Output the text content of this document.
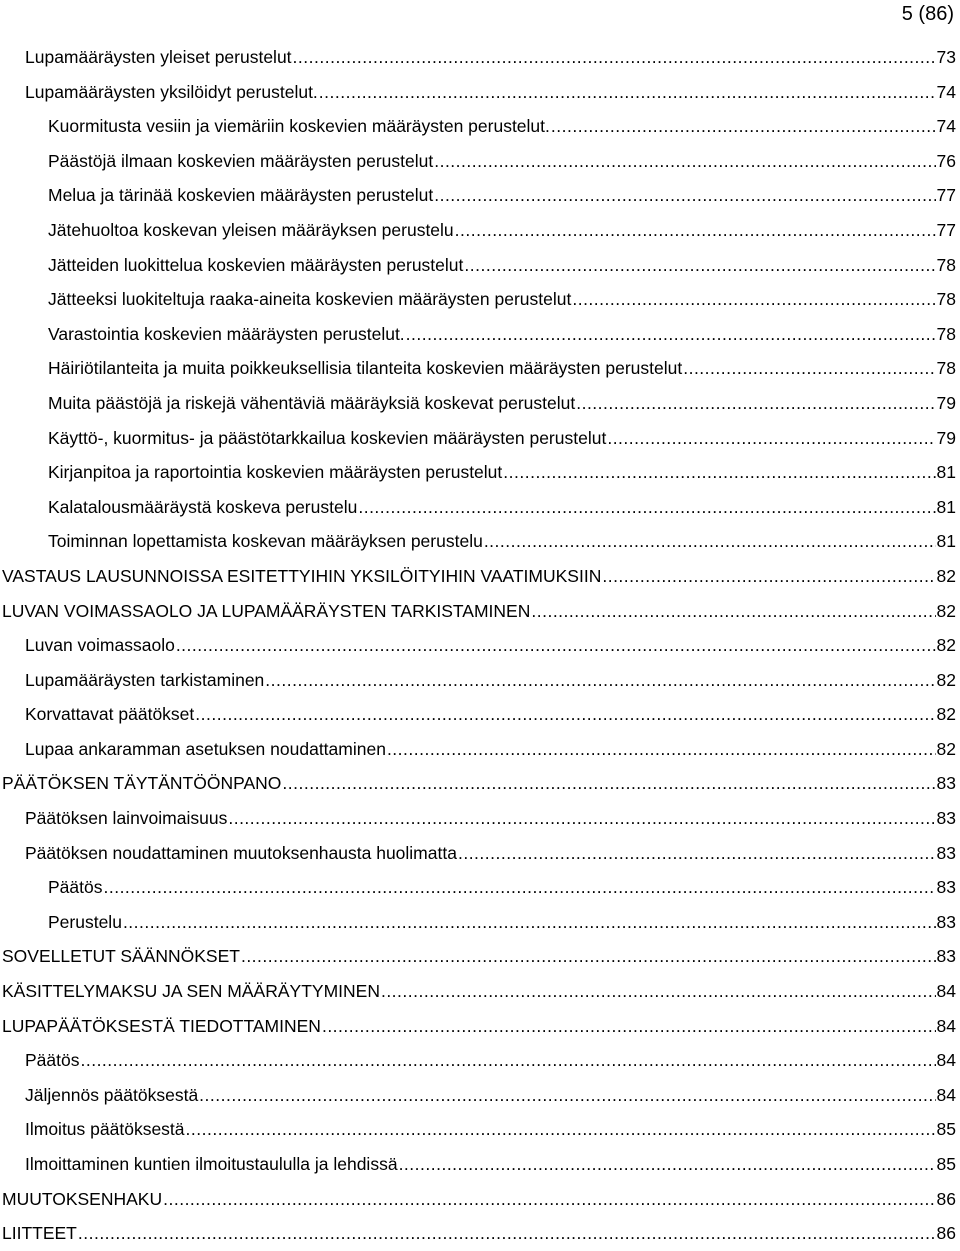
5 (86)
Lupamääräysten yleiset perustelut .....	73
Lupamääräysten yksilöidyt perustelut. .....	74
Kuormitusta vesiin ja viemäriin koskevien määräysten perustelut. .....	74
Päästöjä ilmaan koskevien määräysten perustelut .....	76
Melua ja tärinää koskevien määräysten perustelut .....	77
Jätehuoltoa koskevan yleisen määräyksen perustelu .....	77
Jätteiden luokittelua koskevien määräysten perustelut .....	78
Jätteeksi luokiteltuja raaka-aineita koskevien määräysten perustelut .....	78
Varastointia koskevien määräysten perustelut. .....	78
Häiriötilanteita ja muita poikkeuksellisia tilanteita koskevien määräysten perustelut .....	78
Muita päästöjä ja riskejä vähentäviä määräyksiä koskevat perustelut .....	79
Käyttö-, kuormitus- ja päästötarkkailua koskevien määräysten perustelut .....	79
Kirjanpitoa ja raportointia koskevien määräysten perustelut .....	81
Kalatalousmääräystä koskeva perustelu .....	81
Toiminnan lopettamista koskevan määräyksen perustelu .....	81
VASTAUS LAUSUNNOISSA ESITETTYIHIN YKSILÖITYIHIN VAATIMUKSIIN .....	82
LUVAN VOIMASSAOLO JA LUPAMÄÄRÄYSTEN TARKISTAMINEN .....	82
Luvan voimassaolo .....	82
Lupamääräysten tarkistaminen .....	82
Korvattavat päätökset .....	82
Lupaa ankaramman asetuksen noudattaminen .....	82
PÄÄTÖKSEN TÄYTÄNTÖÖNPANO .....	83
Päätöksen lainvoimaisuus .....	83
Päätöksen noudattaminen muutoksenhausta huolimatta .....	83
Päätös .....	83
Perustelu .....	83
SOVELLETUT SÄÄNNÖKSET .....	83
KÄSITTELYMAKSU JA SEN MÄÄRÄYTYMINEN .....	84
LUPAPÄÄTÖKSESTÄ TIEDOTTAMINEN .....	84
Päätös .....	84
Jäljennös päätöksestä .....	84
Ilmoitus päätöksestä .....	85
Ilmoittaminen kuntien ilmoitustaululla ja lehdissä .....	85
MUUTOKSENHAKU .....	86
LIITTEET .....	86
